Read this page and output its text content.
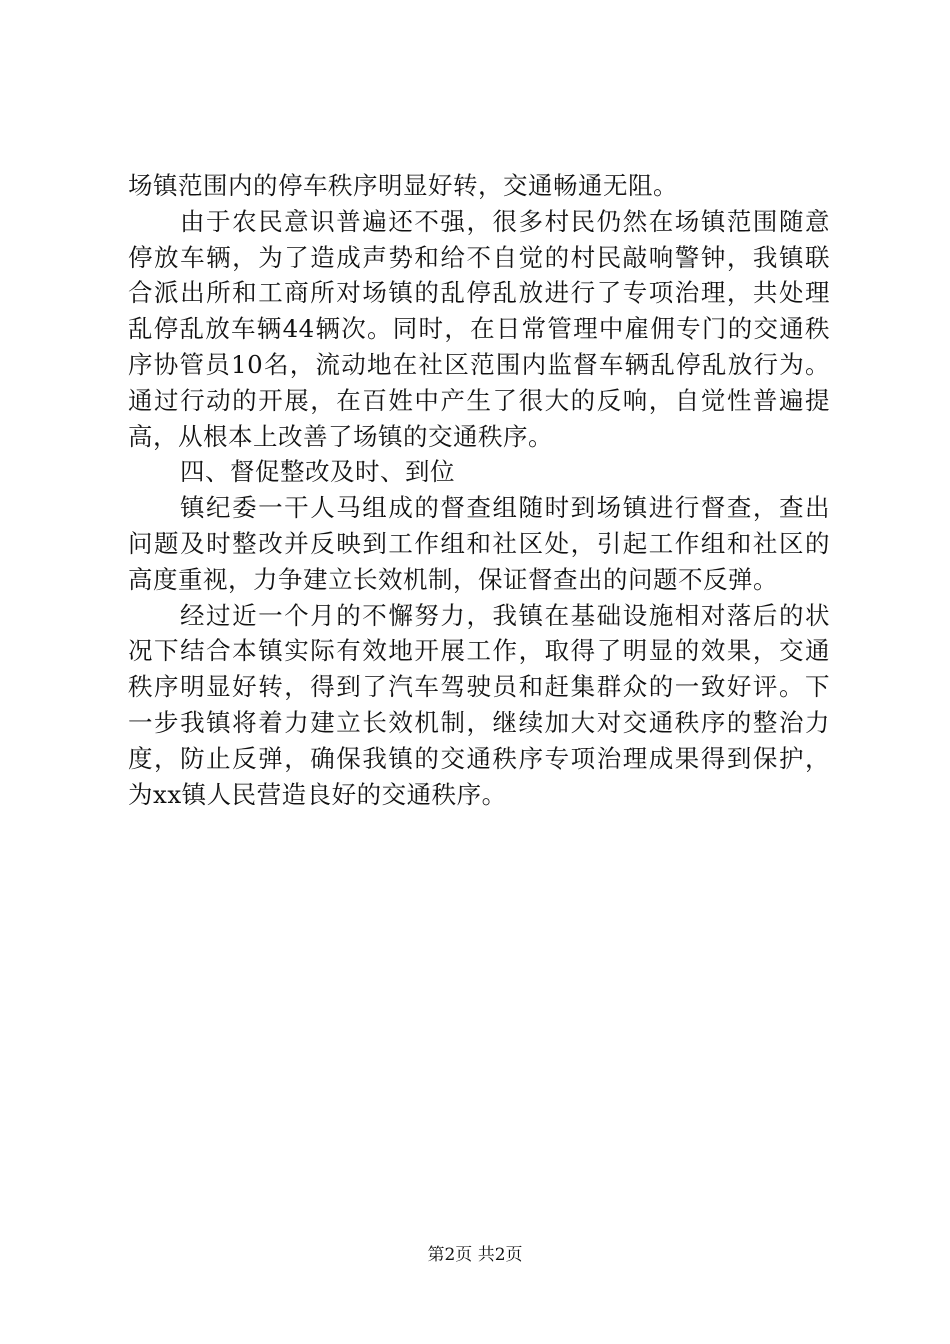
场镇范围内的停车秩序明显好转，交通畅通无阻。
由于农民意识普遍还不强，很多村民仍然在场镇范围随意
停放车辆，为了造成声势和给不自觉的村民敲响警钟，我镇联
合派出所和工商所对场镇的乱停乱放进行了专项治理，共处理
乱停乱放车辆44辆次。同时，在日常管理中雇佣专门的交通秩
序协管员10名，流动地在社区范围内监督车辆乱停乱放行为。
通过行动的开展，在百姓中产生了很大的反响，自觉性普遍提
高，从根本上改善了场镇的交通秩序。
四、督促整改及时、到位
镇纪委一干人马组成的督查组随时到场镇进行督查，查出
问题及时整改并反映到工作组和社区处，引起工作组和社区的
高度重视，力争建立长效机制，保证督查出的问题不反弹。
经过近一个月的不懈努力，我镇在基础设施相对落后的状
况下结合本镇实际有效地开展工作，取得了明显的效果，交通
秩序明显好转，得到了汽车驾驶员和赶集群众的一致好评。下
一步我镇将着力建立长效机制，继续加大对交通秩序的整治力
度，防止反弹，确保我镇的交通秩序专项治理成果得到保护，
为xx镇人民营造良好的交通秩序。
第2页 共2页
